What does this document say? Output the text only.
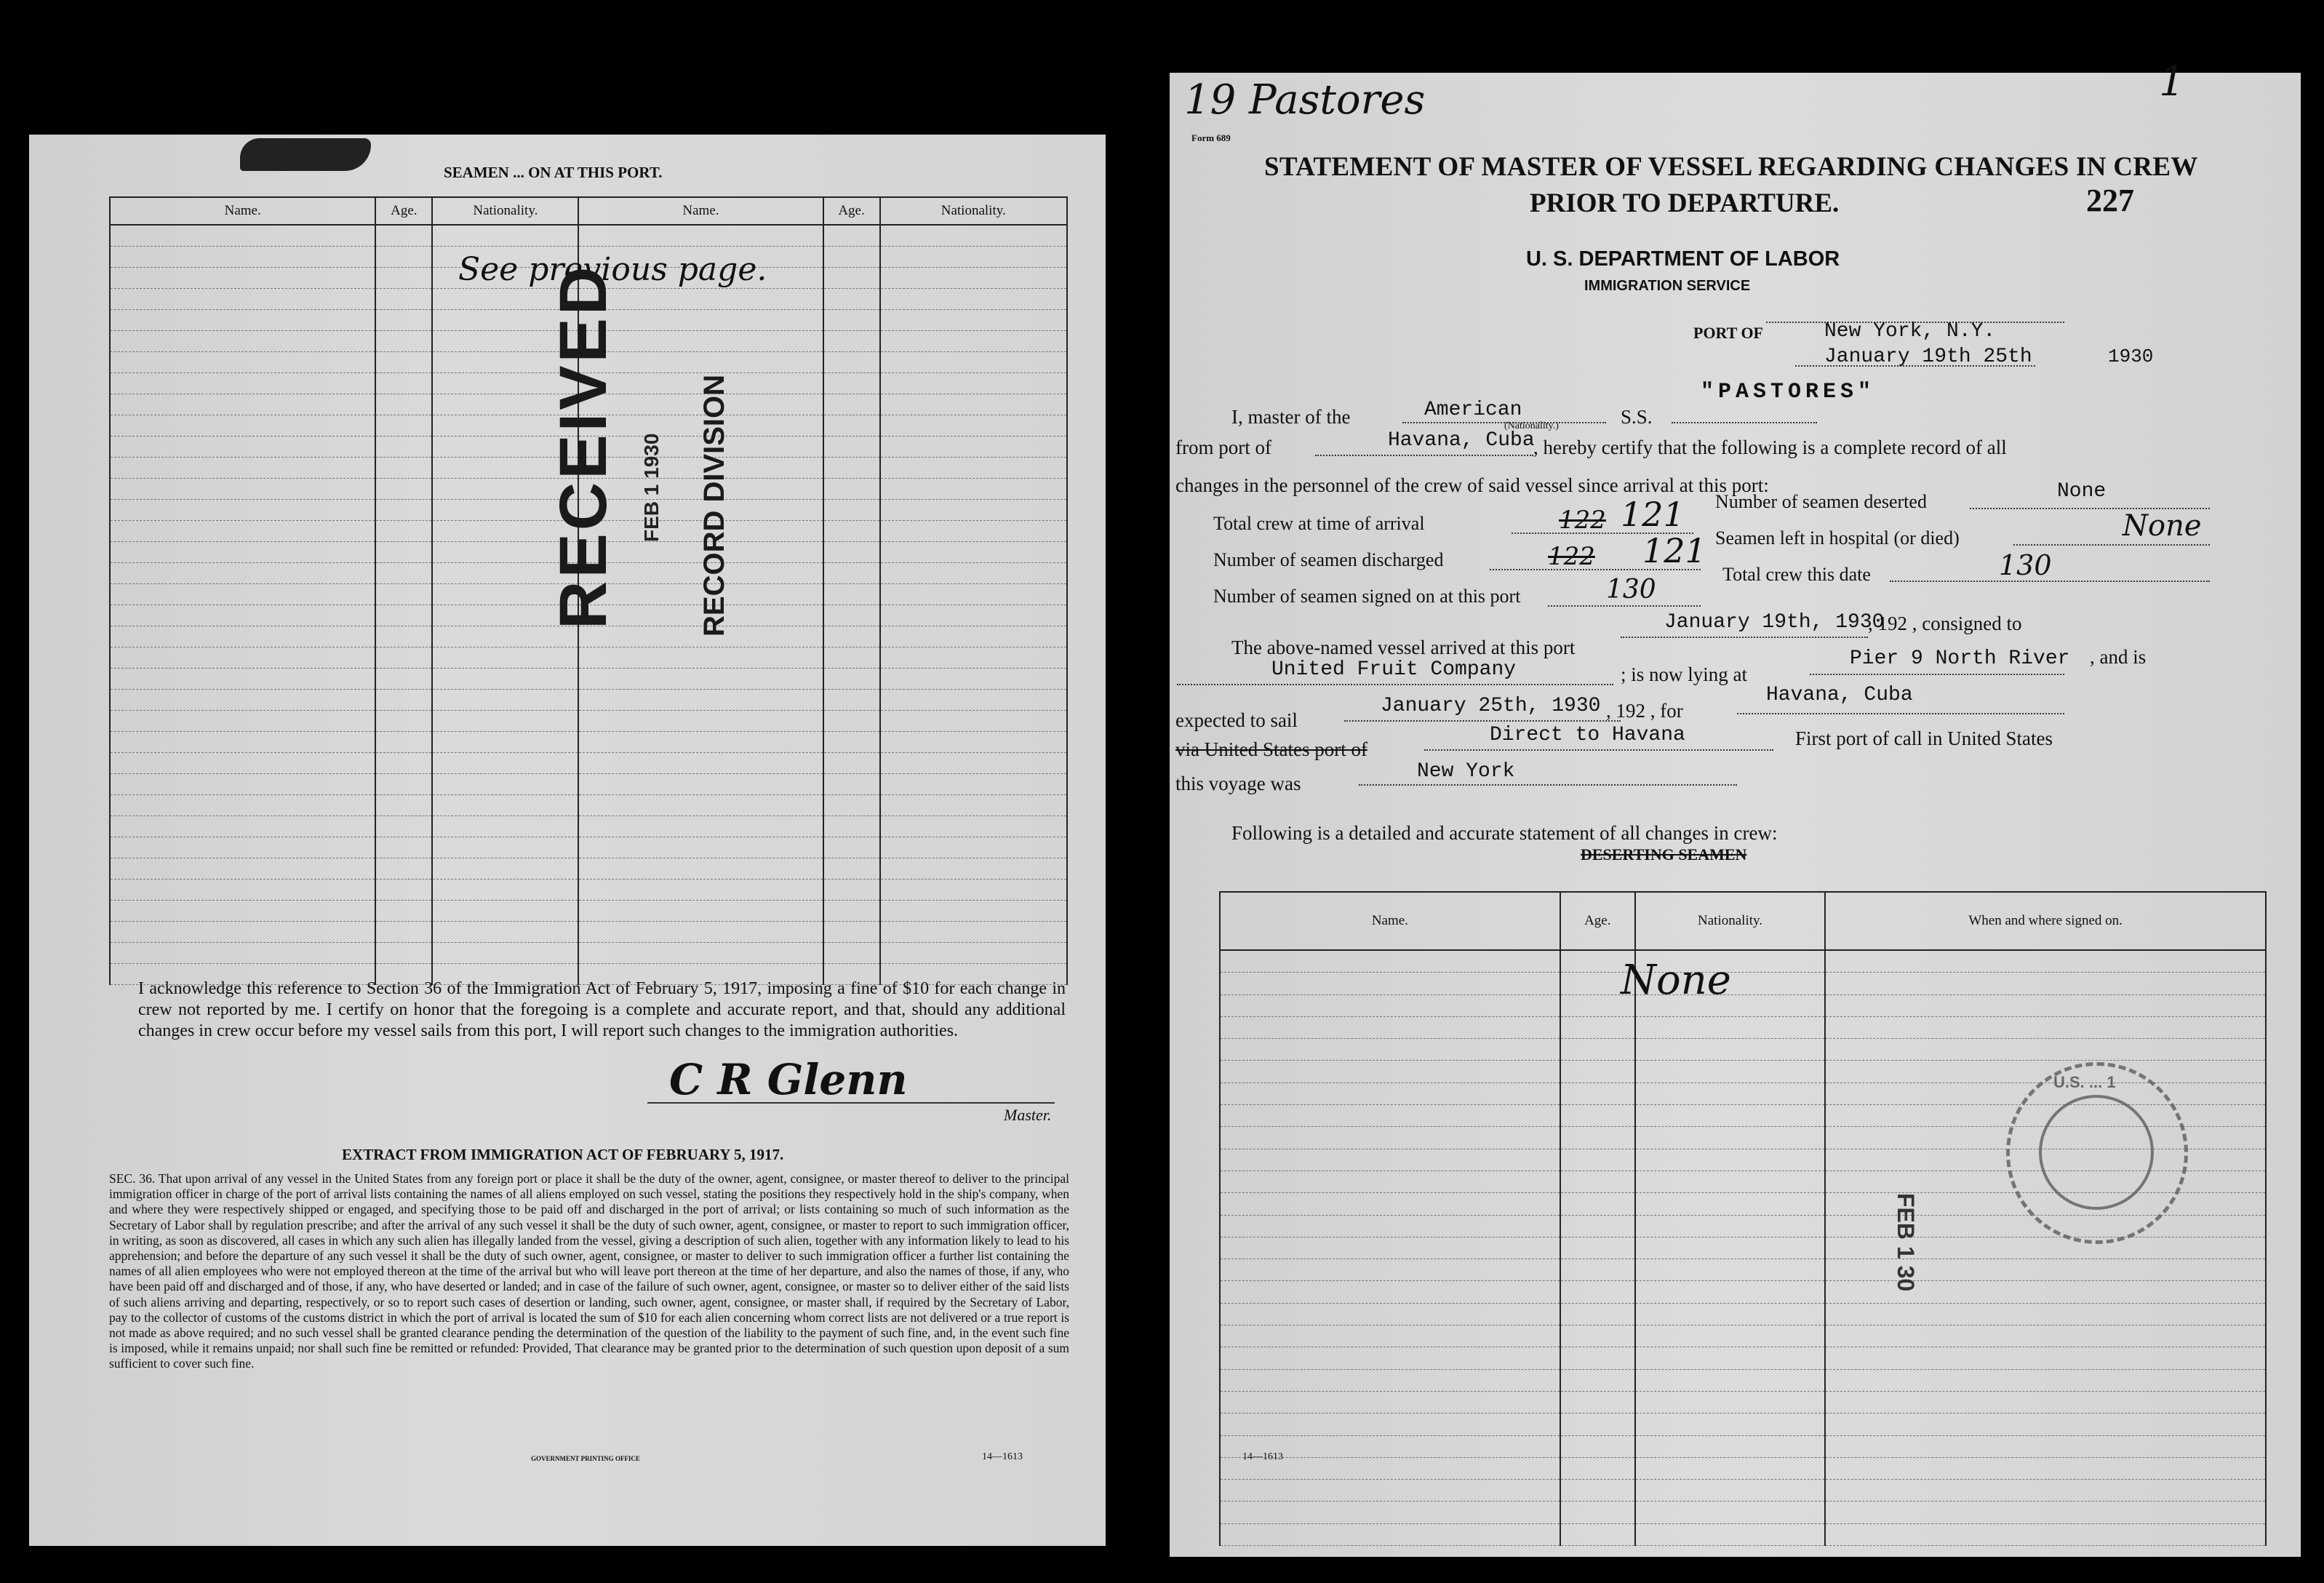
SEAMEN ... ON AT THIS PORT.
Name.	Age.	Nationality.	Name.	Age.	Nationality.

See previous page.
RECEIVED FEB 1 1930 RECORD DIVISION
I acknowledge this reference to Section 36 of the Immigration Act of February 5, 1917, imposing a fine of $10 for each change in crew not reported by me. I certify on honor that the foregoing is a complete and accurate report, and that, should any additional changes in crew occur before my vessel sails from this port, I will report such changes to the immigration authorities.
C R Glenn
Master.
EXTRACT FROM IMMIGRATION ACT OF FEBRUARY 5, 1917.
SEC. 36. That upon arrival of any vessel in the United States from any foreign port or place it shall be the duty of the owner, agent, consignee, or master thereof to deliver to the principal immigration officer in charge of the port of arrival lists containing the names of all aliens employed on such vessel, stating the positions they respectively hold in the ship's company, when and where they were respectively shipped or engaged, and specifying those to be paid off and discharged in the port of arrival; or lists containing so much of such information as the Secretary of Labor shall by regulation prescribe; and after the arrival of any such vessel it shall be the duty of such owner, agent, consignee, or master to report to such immigration officer, in writing, as soon as discovered, all cases in which any such alien has illegally landed from the vessel, giving a description of such alien, together with any information likely to lead to his apprehension; and before the departure of any such vessel it shall be the duty of such owner, agent, consignee, or master to deliver to such immigration officer a further list containing the names of all alien employees who were not employed thereon at the time of the arrival but who will leave port thereon at the time of her departure, and also the names of those, if any, who have been paid off and discharged and of those, if any, who have deserted or landed; and in case of the failure of such owner, agent, consignee, or master so to deliver either of the said lists of such aliens arriving and departing, respectively, or so to report such cases of desertion or landing, such owner, agent, consignee, or master shall, if required by the Secretary of Labor, pay to the collector of customs of the customs district in which the port of arrival is located the sum of $10 for each alien concerning whom correct lists are not delivered or a true report is not made as above required; and no such vessel shall be granted clearance pending the determination of the question of the liability to the payment of such fine, and, in the event such fine is imposed, while it remains unpaid; nor shall such fine be remitted or refunded: Provided, That clearance may be granted prior to the determination of such question upon deposit of a sum sufficient to cover such fine.
GOVERNMENT PRINTING OFFICE	14—1613
19 Pastores	1
Form 689
STATEMENT OF MASTER OF VESSEL REGARDING CHANGES IN CREW
PRIOR TO DEPARTURE.	227
U. S. DEPARTMENT OF LABOR
IMMIGRATION SERVICE
PORT OF	New York, N.Y.
January 19th 25th	1930
I, master of the	American
(Nationality.)	S.S.
"PASTORES"
from port of	Havana, Cuba
, hereby certify that the following is a complete record of all
changes in the personnel of the crew of said vessel since arrival at this port:
Total crew at time of arrival	122 121
Number of seamen discharged	122 121
Number of seamen signed on at this port	130
Number of seamen deserted	None
Seamen left in hospital (or died)	None
Total crew this date	130
The above-named vessel arrived at this port
January 19th, 1930
, 192 , consigned to
United Fruit Company	; is now lying at
Pier 9 North River , and is
expected to sail
January 25th, 1930 , 192 , for
Havana, Cuba
via United States port of
Direct to Havana	First port of call in United States
this voyage was
New York
Following is a detailed and accurate statement of all changes in crew:
DESERTING SEAMEN
Name.	Age.	Nationality.	When and where signed on.

None
FEB 1 30
U.S. ... 1
14—1613
